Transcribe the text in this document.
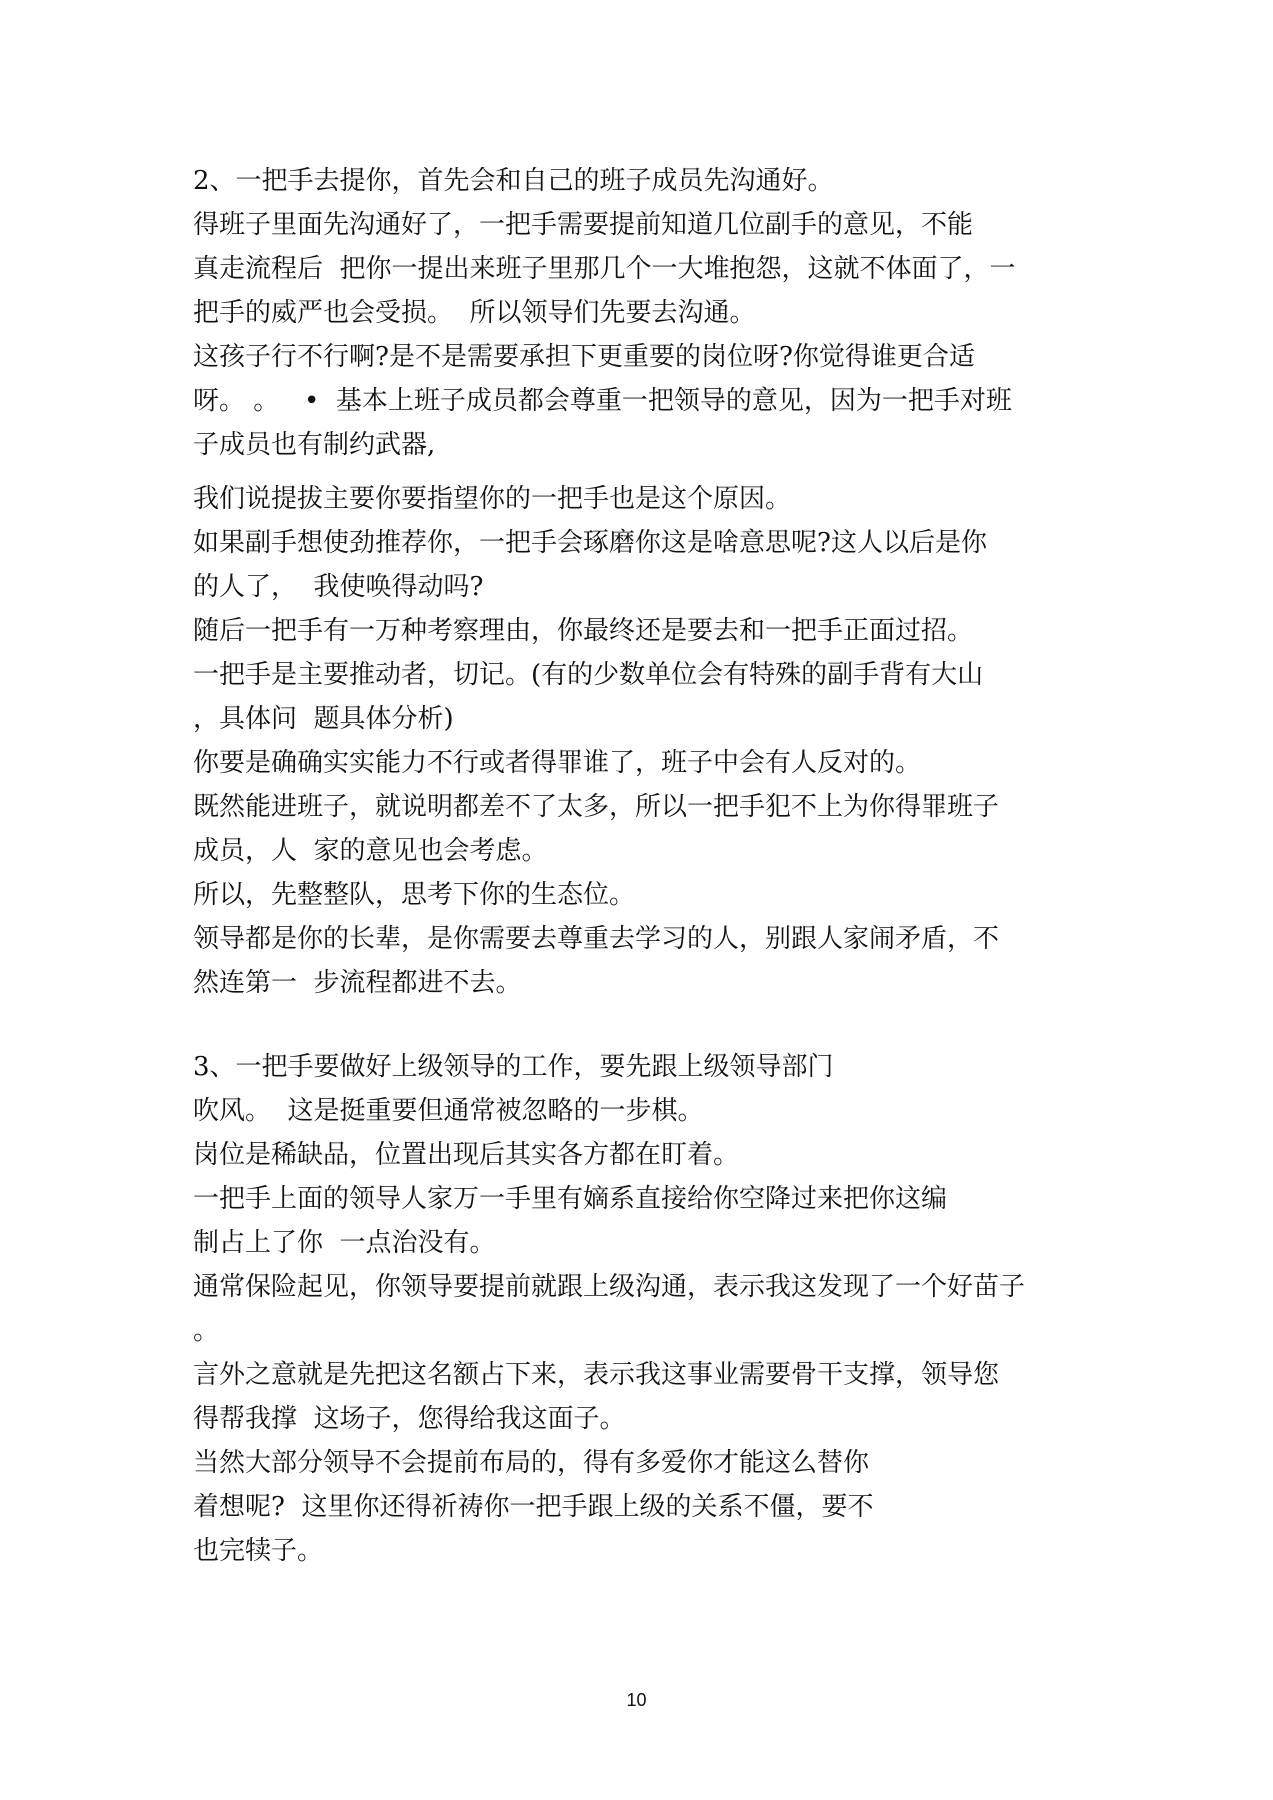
2、一把手去提你，首先会和自己的班子成员先沟通好。
得班子里面先沟通好了，一把手需要提前知道几位副手的意见，不能
真走流程后  把你一提出来班子里那几个一大堆抱怨，这就不体面了，一
把手的威严也会受损。  所以领导们先要去沟通。
这孩子行不行啊?是不是需要承担下更重要的岗位呀?你觉得谁更合适
呀。 。   •  基本上班子成员都会尊重一把领导的意见，因为一把手对班
子成员也有制约武器,
我们说提拔主要你要指望你的一把手也是这个原因。
如果副手想使劲推荐你，一把手会琢磨你这是啥意思呢?这人以后是你
的人了，  我使唤得动吗?
随后一把手有一万种考察理由，你最终还是要去和一把手正面过招。
一把手是主要推动者，切记。(有的少数单位会有特殊的副手背有大山
，具体问  题具体分析)
你要是确确实实能力不行或者得罪谁了，班子中会有人反对的。
既然能进班子，就说明都差不了太多，所以一把手犯不上为你得罪班子
成员，人  家的意见也会考虑。
所以，先整整队，思考下你的生态位。
领导都是你的长辈，是你需要去尊重去学习的人，别跟人家闹矛盾，不
然连第一  步流程都进不去。
3、一把手要做好上级领导的工作，要先跟上级领导部门
吹风。  这是挺重要但通常被忽略的一步棋。
岗位是稀缺品，位置出现后其实各方都在盯着。
一把手上面的领导人家万一手里有嫡系直接给你空降过来把你这编
制占上了你  一点治没有。
通常保险起见，你领导要提前就跟上级沟通，表示我这发现了一个好苗子
。
言外之意就是先把这名额占下来，表示我这事业需要骨干支撑，领导您
得帮我撑  这场子，您得给我这面子。
当然大部分领导不会提前布局的，得有多爱你才能这么替你
着想呢?  这里你还得祈祷你一把手跟上级的关系不僵，要不
也完犊子。
10
